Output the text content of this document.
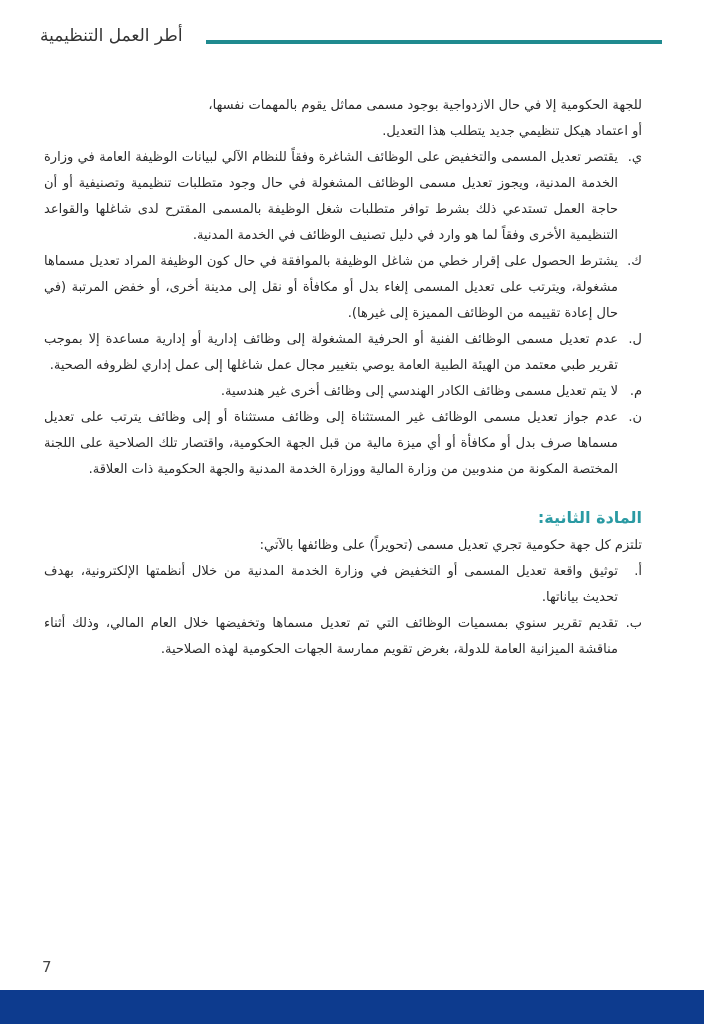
أطر العمل التنظيمية

للجهة الحكومية إلا في حال الازدواجية بوجود مسمى مماثل يقوم بالمهمات نفسها،

أو اعتماد هيكل تنظيمي جديد يتطلب هذا التعديل.

ي.

يقتصر تعديل المسمى والتخفيض على الوظائف الشاغرة وفقاً للنظام الآلي لبيانات الوظيفة العامة في وزارة الخدمة المدنية، ويجوز تعديل مسمى الوظائف المشغولة في حال وجود متطلبات تنظيمية وتصنيفية أو أن حاجة العمل تستدعي ذلك بشرط توافر متطلبات شغل الوظيفة بالمسمى المقترح لدى شاغلها والقواعد التنظيمية الأخرى وفقاً لما هو وارد في دليل تصنيف الوظائف في الخدمة المدنية.

ك.

يشترط الحصول على إقرار خطي من شاغل الوظيفة بالموافقة في حال كون الوظيفة المراد تعديل مسماها مشغولة، ويترتب على تعديل المسمى إلغاء بدل أو مكافأة أو نقل إلى مدينة أخرى، أو خفض المرتبة (في حال إعادة تقييمه من الوظائف المميزة إلى غيرها).

ل.

عدم تعديل مسمى الوظائف الفنية أو الحرفية المشغولة إلى وظائف إدارية أو إدارية مساعدة إلا بموجب تقرير طبي معتمد من الهيئة الطبية العامة يوصي بتغيير مجال عمل شاغلها إلى عمل إداري لظروفه الصحية.

م.

لا يتم تعديل مسمى وظائف الكادر الهندسي إلى وظائف أخرى غير هندسية.

ن.

عدم جواز تعديل مسمى الوظائف غير المستثناة إلى وظائف مستثناة أو إلى وظائف يترتب على تعديل مسماها صرف بدل أو مكافأة أو أي ميزة مالية من قبل الجهة الحكومية، واقتصار تلك الصلاحية على اللجنة المختصة المكونة من مندوبين من وزارة المالية ووزارة الخدمة المدنية والجهة الحكومية ذات العلاقة.

المادة الثانية:

تلتزم كل جهة حكومية تجري تعديل مسمى (تحويراً) على وظائفها بالآتي:

أ.

توثيق واقعة تعديل المسمى أو التخفيض في وزارة الخدمة المدنية من خلال أنظمتها الإلكترونية، بهدف تحديث بياناتها.

ب.

تقديم تقرير سنوي بمسميات الوظائف التي تم تعديل مسماها وتخفيضها خلال العام المالي، وذلك أثناء مناقشة الميزانية العامة للدولة، بغرض تقويم ممارسة الجهات الحكومية لهذه الصلاحية.

7
